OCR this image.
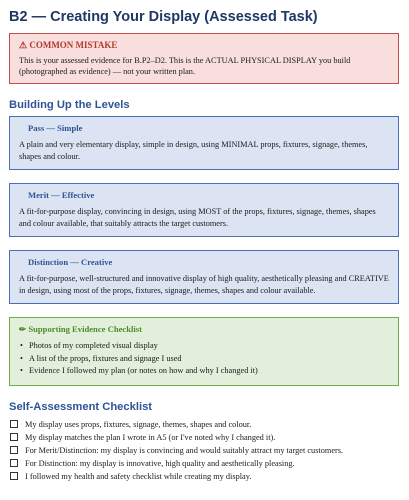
B2 — Creating Your Display (Assessed Task)
⚠ COMMON MISTAKE
This is your assessed evidence for B.P2–D2. This is the ACTUAL PHYSICAL DISPLAY you build (photographed as evidence) — not your written plan.
Building Up the Levels
Pass — Simple
A plain and very elementary display, simple in design, using MINIMAL props, fixtures, signage, themes, shapes and colour.
Merit — Effective
A fit-for-purpose display, convincing in design, using MOST of the props, fixtures, signage, themes, shapes and colour available, that suitably attracts the target customers.
Distinction — Creative
A fit-for-purpose, well-structured and innovative display of high quality, aesthetically pleasing and CREATIVE in design, using most of the props, fixtures, signage, themes, shapes and colour available.
✏ Supporting Evidence Checklist
• Photos of my completed visual display
• A list of the props, fixtures and signage I used
• Evidence I followed my plan (or notes on how and why I changed it)
Self-Assessment Checklist
My display uses props, fixtures, signage, themes, shapes and colour.
My display matches the plan I wrote in A5 (or I've noted why I changed it).
For Merit/Distinction: my display is convincing and would suitably attract my target customers.
For Distinction: my display is innovative, high quality and aesthetically pleasing.
I followed my health and safety checklist while creating my display.
